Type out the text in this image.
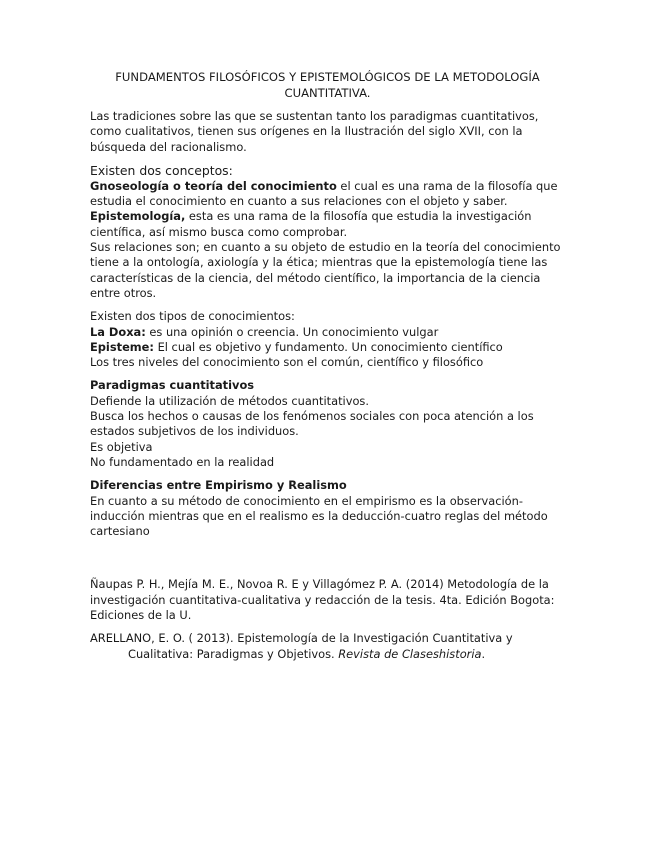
FUNDAMENTOS FILOSÓFICOS Y EPISTEMOLÓGICOS DE LA METODOLOGÍA CUANTITATIVA.

Las tradiciones sobre las que se sustentan tanto los paradigmas cuantitativos, como cualitativos, tienen sus orígenes en la Ilustración del siglo XVII, con la búsqueda del racionalismo.

Existen dos conceptos:

Gnoseología o teoría del conocimiento el cual es una rama de la filosofía que estudia el conocimiento en cuanto a sus relaciones con el objeto y saber.

Epistemología, esta es una rama de la filosofía que estudia la investigación científica, así mismo busca como comprobar.

Sus relaciones son; en cuanto a su objeto de estudio en la teoría del conocimiento tiene a la ontología, axiología y la ética; mientras que la epistemología tiene las características de la ciencia, del método científico, la importancia de la ciencia entre otros.

Existen dos tipos de conocimientos:

La Doxa: es una opinión o creencia. Un conocimiento vulgar

Episteme: El cual es objetivo y fundamento. Un conocimiento científico

Los tres niveles del conocimiento son el común, científico y filosófico

Paradigmas cuantitativos

Defiende la utilización de métodos cuantitativos.

Busca los hechos o causas de los fenómenos sociales con poca atención a los estados subjetivos de los individuos.

Es objetiva

No fundamentado en la realidad

Diferencias entre Empirismo y Realismo

En cuanto a su método de conocimiento en el empirismo es la observación-inducción mientras que en el realismo es la deducción-cuatro reglas del método cartesiano

Ñaupas P. H., Mejía M. E., Novoa R. E y Villagómez P. A. (2014) Metodología de la investigación cuantitativa-cualitativa y redacción de la tesis. 4ta. Edición Bogota: Ediciones de la U.

ARELLANO, E. O. ( 2013). Epistemología de la Investigación Cuantitativa y Cualitativa: Paradigmas y Objetivos. Revista de Claseshistoria.
